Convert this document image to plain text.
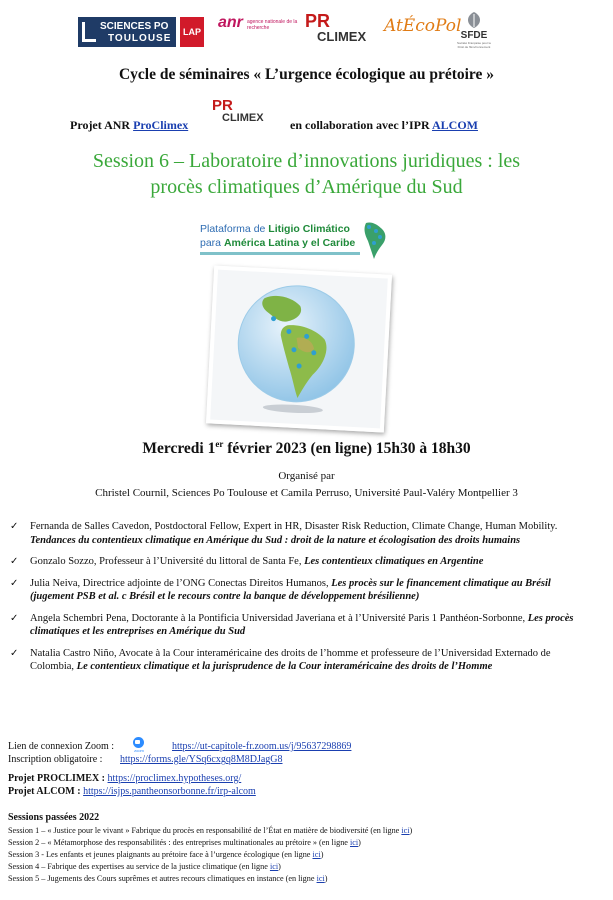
SCIENCES PO
TOULOUSE
LAP
anr agence nationale de la recherche	PR
CLIMEX
AtÉcoPol SFDE
Société Française pour le Droit de l'Environnement
Cycle de séminaires « L’urgence écologique au prétoire »
Projet ANR ProClimex
PR
CLIMEX en collaboration avec l’IPR ALCOM
Session 6 – Laboratoire d’innovations juridiques : les
procès climatiques d’Amérique du Sud
Plataforma de Litigio Climático
para América Latina y el Caribe
Mercredi 1er février 2023 (en ligne) 15h30 à 18h30
Organisé par
Christel Cournil, Sciences Po Toulouse et Camila Perruso, Université Paul-Valéry Montpellier 3
✓ Fernanda de Salles Cavedon, Postdoctoral Fellow, Expert in HR, Disaster Risk Reduction, Climate Change, Human Mobility. Tendances du contentieux climatique en Amérique du Sud : droit de la nature et écologisation des droits humains
✓ Gonzalo Sozzo, Professeur à l’Université du littoral de Santa Fe, Les contentieux climatiques en Argentine
✓ Julia Neiva, Directrice adjointe de l’ONG Conectas Direitos Humanos, Les procès sur le financement climatique au Brésil (jugement PSB et al. c Brésil et le recours contre la banque de développement brésilienne)
✓ Angela Schembri Pena, Doctorante à la Pontificia Universidad Javeriana et à l’Université Paris 1 Panthéon-Sorbonne, Les procès climatiques et les entreprises en Amérique du Sud
✓ Natalia Castro Niño, Avocate à la Cour interaméricaine des droits de l’homme et professeure de l’Universidad Externado de Colombia, Le contentieux climatique et la jurisprudence de la Cour interaméricaine des droits de l’Homme
Lien de connexion Zoom :	zoom	https://ut-capitole-fr.zoom.us/j/95637298869
Inscription obligatoire : https://forms.gle/YSq6cxgq8M8DJagG8
Projet PROCLIMEX : https://proclimex.hypotheses.org/
Projet ALCOM : https://isjps.pantheonsorbonne.fr/irp-alcom
Sessions passées 2022
Session 1 – « Justice pour le vivant » Fabrique du procès en responsabilité de l’État en matière de biodiversité (en ligne ici)
Session 2 – « Métamorphose des responsabilités : des entreprises multinationales au prétoire » (en ligne ici)
Session 3 - Les enfants et jeunes plaignants au prétoire face à l’urgence écologique (en ligne ici)
Session 4 – Fabrique des expertises au service de la justice climatique (en ligne ici)
Session 5 – Jugements des Cours suprêmes et autres recours climatiques en instance (en ligne ici)
